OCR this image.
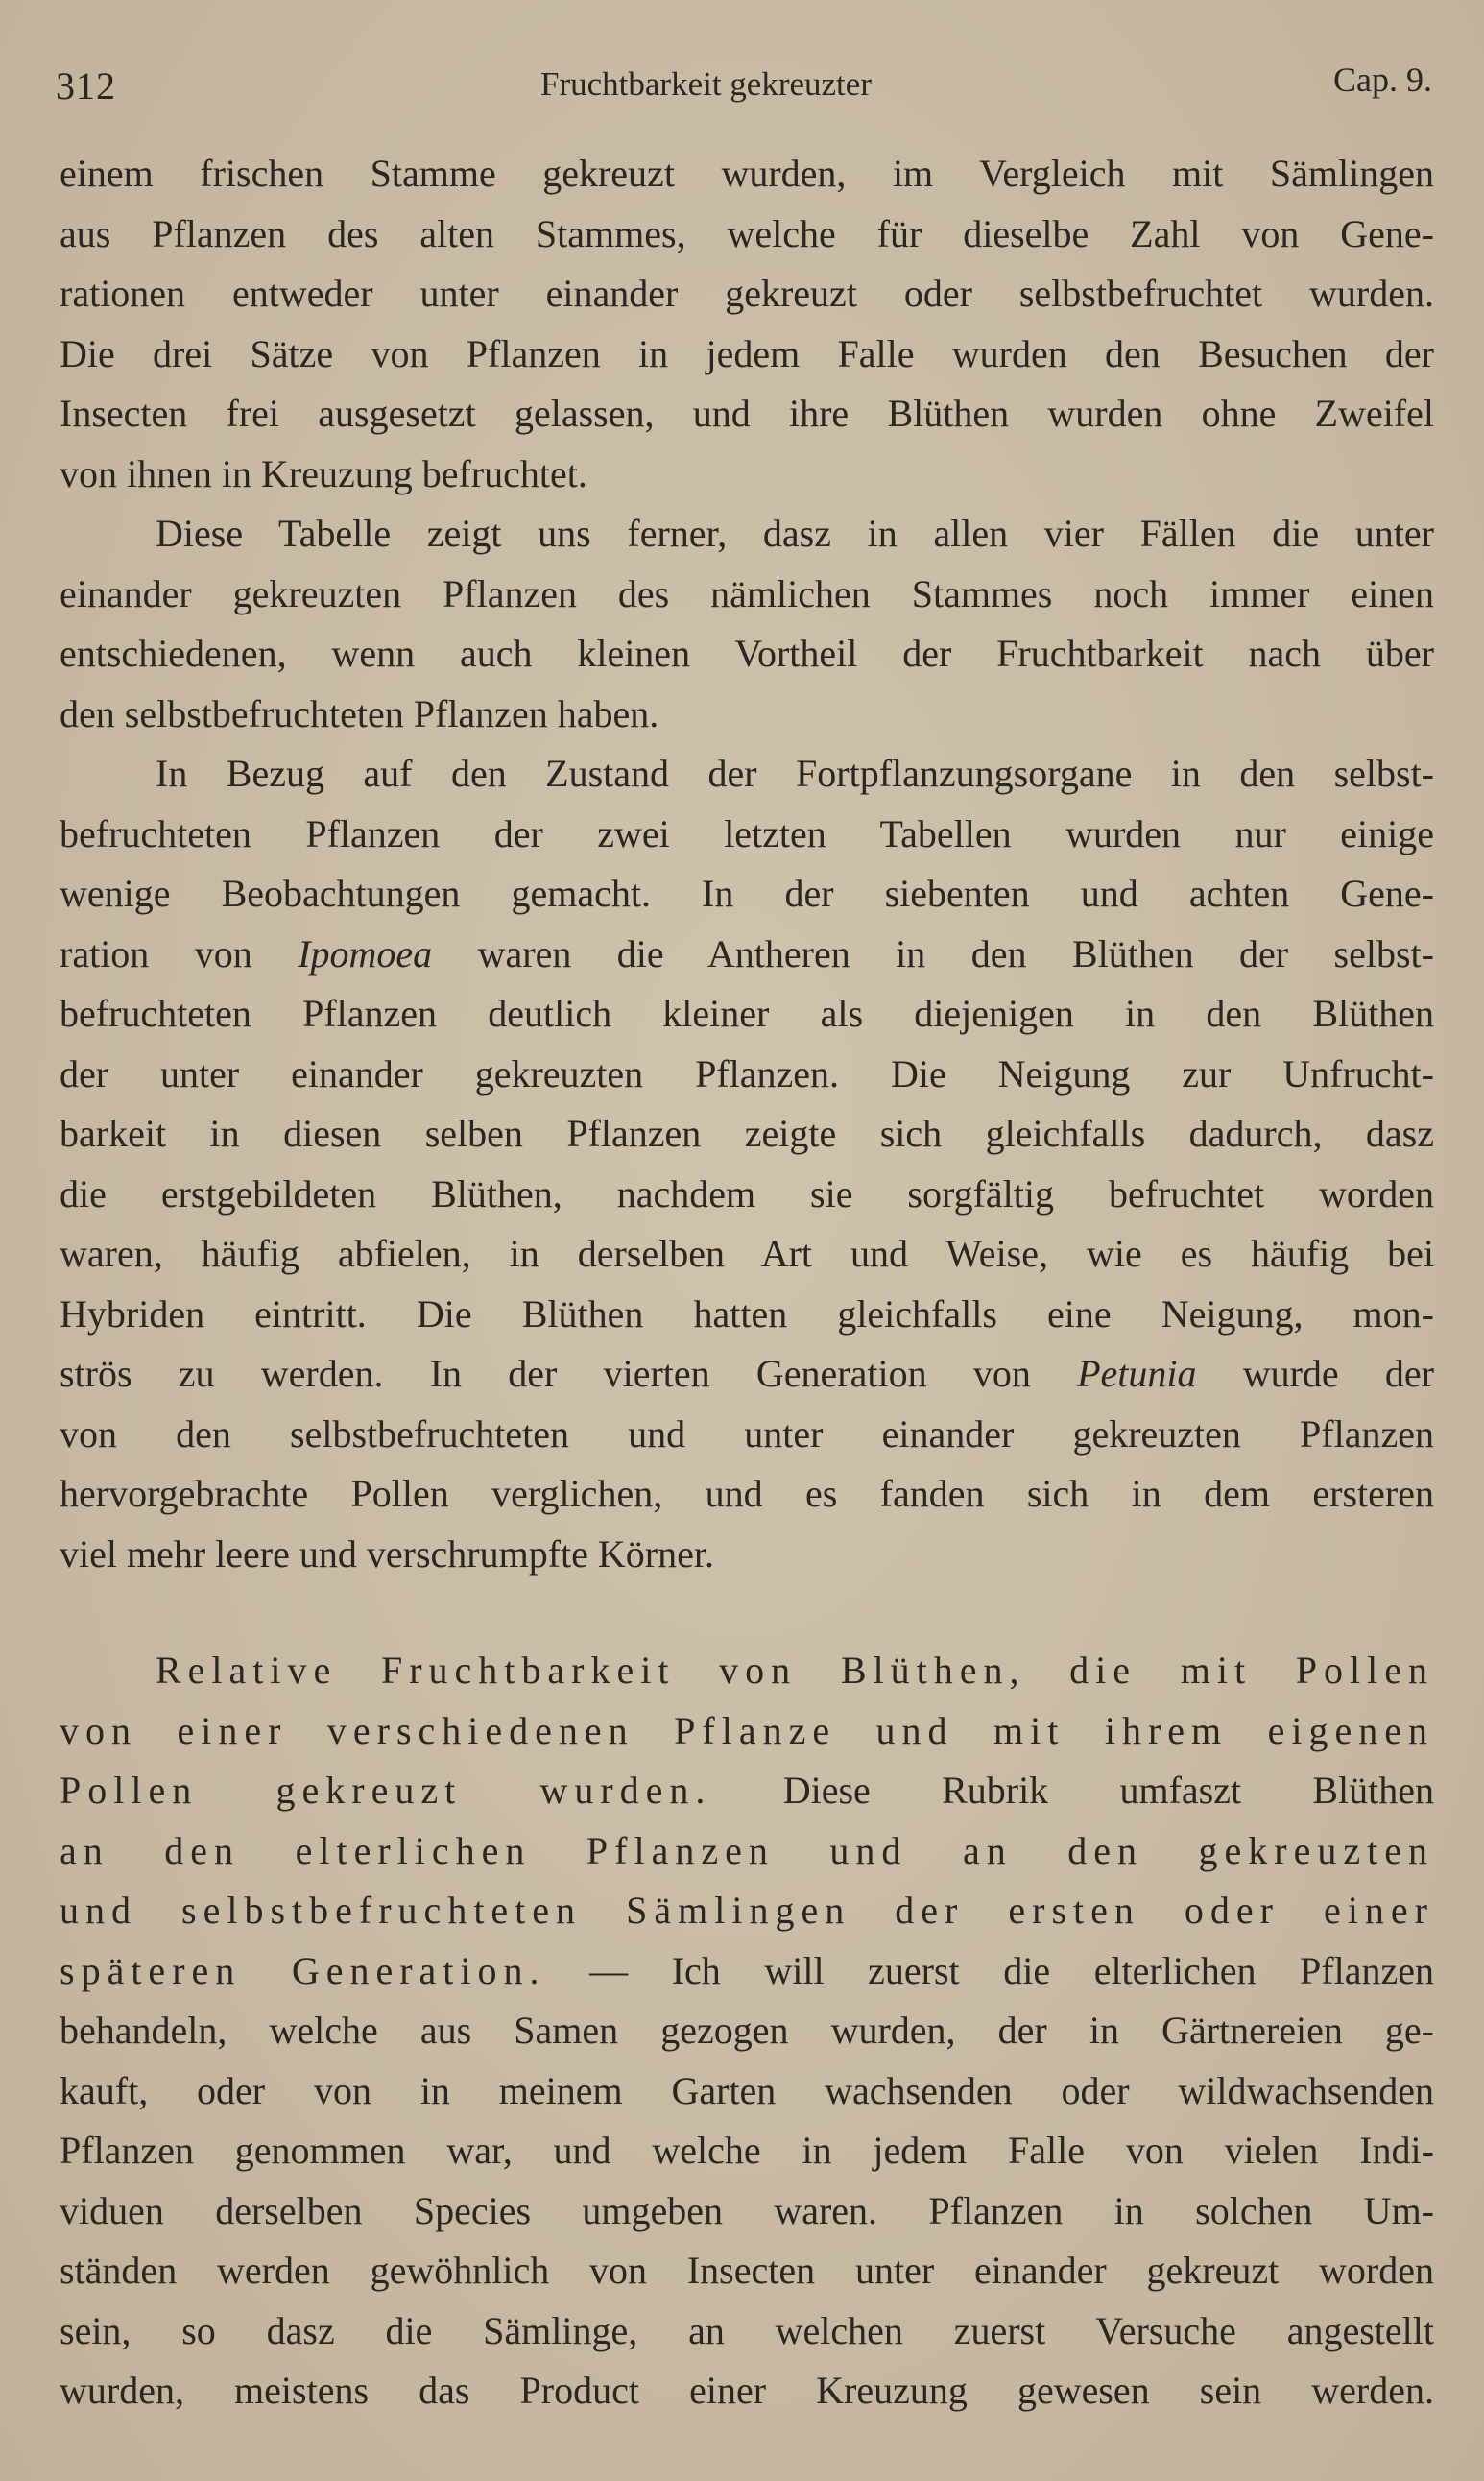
312	Fruchtbarkeit gekreuzter	Cap. 9.
einem frischen Stamme gekreuzt wurden, im Vergleich mit Sämlingen
aus Pflanzen des alten Stammes, welche für dieselbe Zahl von Gene-
rationen entweder unter einander gekreuzt oder selbstbefruchtet wurden.
Die drei Sätze von Pflanzen in jedem Falle wurden den Besuchen der
Insecten frei ausgesetzt gelassen, und ihre Blüthen wurden ohne Zweifel
von ihnen in Kreuzung befruchtet.
Diese Tabelle zeigt uns ferner, dasz in allen vier Fällen die unter
einander gekreuzten Pflanzen des nämlichen Stammes noch immer einen
entschiedenen, wenn auch kleinen Vortheil der Fruchtbarkeit nach über
den selbstbefruchteten Pflanzen haben.
In Bezug auf den Zustand der Fortpflanzungsorgane in den selbst-
befruchteten Pflanzen der zwei letzten Tabellen wurden nur einige
wenige Beobachtungen gemacht. In der siebenten und achten Gene-
ration von Ipomoea waren die Antheren in den Blüthen der selbst-
befruchteten Pflanzen deutlich kleiner als diejenigen in den Blüthen
der unter einander gekreuzten Pflanzen. Die Neigung zur Unfrucht-
barkeit in diesen selben Pflanzen zeigte sich gleichfalls dadurch, dasz
die erstgebildeten Blüthen, nachdem sie sorgfältig befruchtet worden
waren, häufig abfielen, in derselben Art und Weise, wie es häufig bei
Hybriden eintritt. Die Blüthen hatten gleichfalls eine Neigung, mon-
strös zu werden. In der vierten Generation von Petunia wurde der
von den selbstbefruchteten und unter einander gekreuzten Pflanzen
hervorgebrachte Pollen verglichen, und es fanden sich in dem ersteren
viel mehr leere und verschrumpfte Körner.
Relative Fruchtbarkeit von Blüthen, die mit Pollen
von einer verschiedenen Pflanze und mit ihrem eigenen
Pollen gekreuzt wurden. Diese Rubrik umfaszt Blüthen
an den elterlichen Pflanzen und an den gekreuzten
und selbstbefruchteten Sämlingen der ersten oder einer
späteren Generation. — Ich will zuerst die elterlichen Pflanzen
behandeln, welche aus Samen gezogen wurden, der in Gärtnereien ge-
kauft, oder von in meinem Garten wachsenden oder wildwachsenden
Pflanzen genommen war, und welche in jedem Falle von vielen Indi-
viduen derselben Species umgeben waren. Pflanzen in solchen Um-
ständen werden gewöhnlich von Insecten unter einander gekreuzt worden
sein, so dasz die Sämlinge, an welchen zuerst Versuche angestellt
wurden, meistens das Product einer Kreuzung gewesen sein werden.
